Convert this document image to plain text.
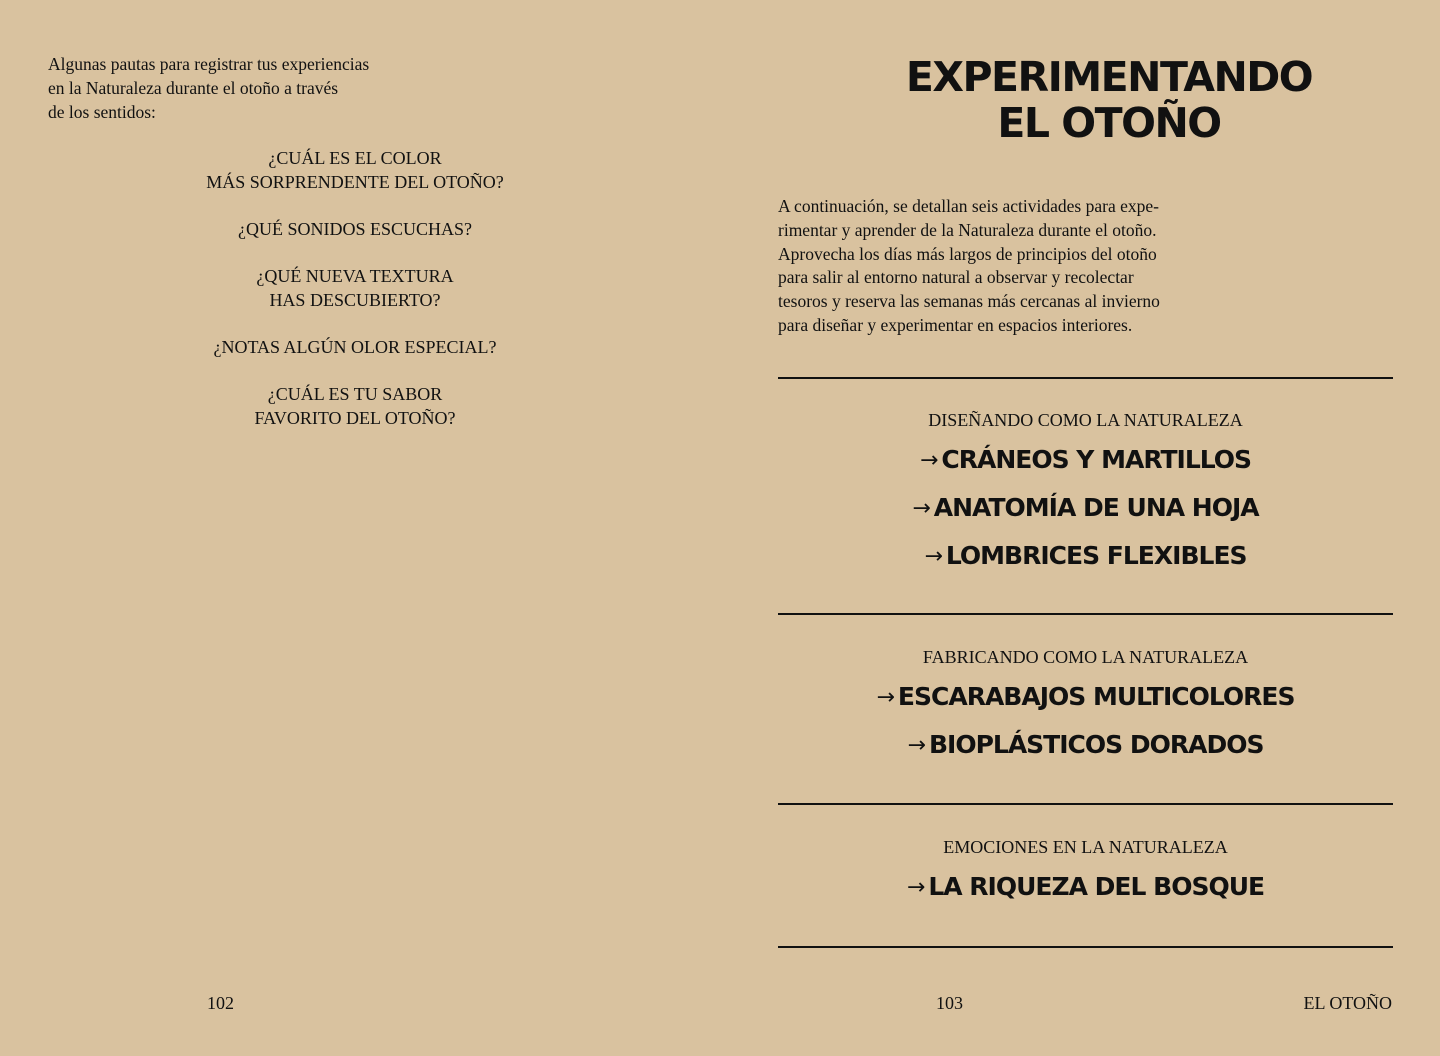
Algunas pautas para registrar tus experiencias
en la Naturaleza durante el otoño a través
de los sentidos:

¿CUÁL ES EL COLOR
MÁS SORPRENDENTE DEL OTOÑO?

¿QUÉ SONIDOS ESCUCHAS?

¿QUÉ NUEVA TEXTURA
HAS DESCUBIERTO?

¿NOTAS ALGÚN OLOR ESPECIAL?

¿CUÁL ES TU SABOR
FAVORITO DEL OTOÑO?

102
EXPERIMENTANDO
EL OTOÑO

A continuación, se detallan seis actividades para expe-
rimentar y aprender de la Naturaleza durante el otoño.
Aprovecha los días más largos de principios del otoño
para salir al entorno natural a observar y recolectar
tesoros y reserva las semanas más cercanas al invierno
para diseñar y experimentar en espacios interiores.

DISEÑANDO COMO LA NATURALEZA

→ CRÁNEOS Y MARTILLOS

→ ANATOMÍA DE UNA HOJA

→ LOMBRICES FLEXIBLES

FABRICANDO COMO LA NATURALEZA

→ ESCARABAJOS MULTICOLORES

→ BIOPLÁSTICOS DORADOS

EMOCIONES EN LA NATURALEZA

→ LA RIQUEZA DEL BOSQUE

103	EL OTOÑO
